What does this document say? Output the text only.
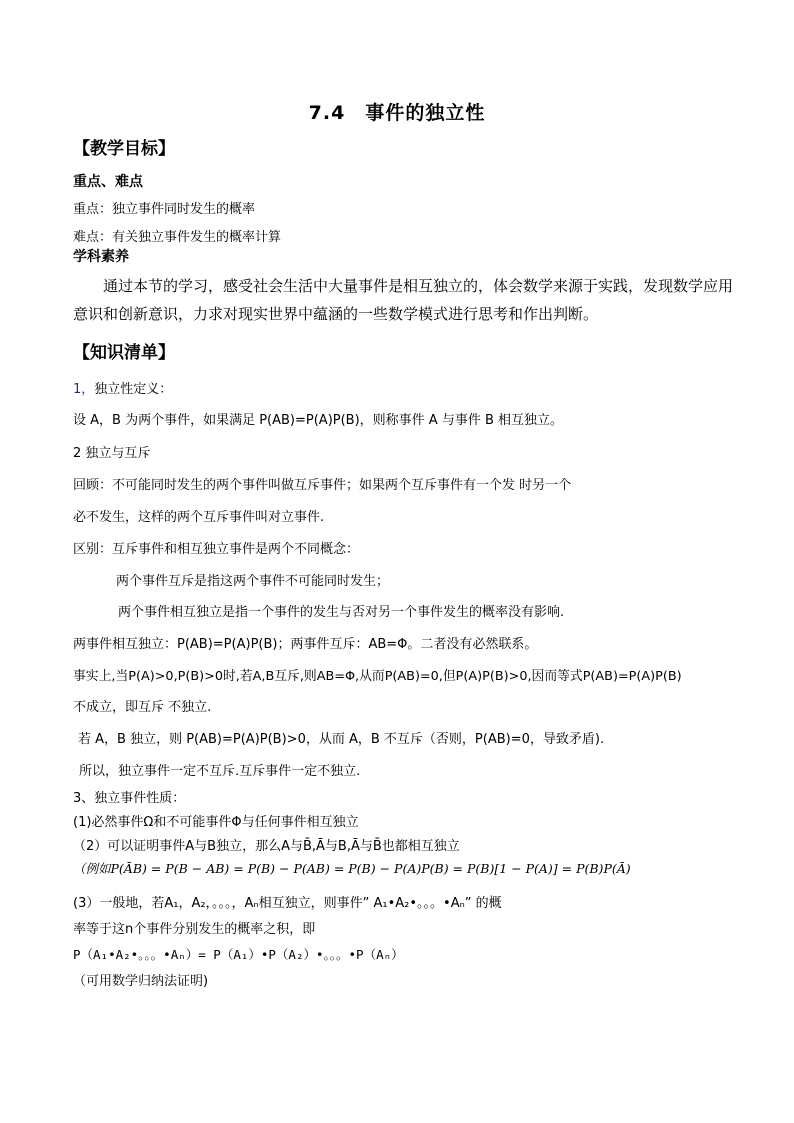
7.4　事件的独立性
【教学目标】
重点、难点
重点：独立事件同时发生的概率
难点：有关独立事件发生的概率计算
学科素养
通过本节的学习，感受社会生活中大量事件是相互独立的，体会数学来源于实践，发现数学应用意识和创新意识，力求对现实世界中蕴涵的一些数学模式进行思考和作出判断。
【知识清单】
1，独立性定义：
设 A，B 为两个事件，如果满足 P(AB)=P(A)P(B)，则称事件 A 与事件 B 相互独立。
2 独立与互斥
回顾：不可能同时发生的两个事件叫做互斥事件；如果两个互斥事件有一个发 时另一个
必不发生，这样的两个互斥事件叫对立事件.
区别：互斥事件和相互独立事件是两个不同概念：
两个事件互斥是指这两个事件不可能同时发生；
两个事件相互独立是指一个事件的发生与否对另一个事件发生的概率没有影响.
两事件相互独立：P(AB)=P(A)P(B)；两事件互斥：AB=Φ。二者没有必然联系。
事实上,当P(A)>0,P(B)>0时,若A,B互斥,则AB=Φ,从而P(AB)=0,但P(A)P(B)>0,因而等式P(AB)=P(A)P(B)
不成立，即互斥 不独立.
若 A，B 独立，则 P(AB)=P(A)P(B)>0，从而 A，B 不互斥（否则，P(AB)=0，导致矛盾).
所以，独立事件一定不互斥.互斥事件一定不独立.
3、独立事件性质：
(1)必然事件Ω和不可能事件Φ与任何事件相互独立
（2）可以证明事件A与B独立，那么A与B̄,Ā与B,Ā与B̄也都相互独立
（例如P(ĀB) = P(B − AB) = P(B) − P(AB) = P(B) − P(A)P(B) = P(B)[1 − P(A)] = P(B)P(Ā)
(3）一般地，若A₁，A₂，。。。，Aₙ相互独立，则事件” A₁•A₂•。。。•Aₙ” 的概
率等于这n个事件分别发生的概率之积，即
P（A₁•A₂•。。。•Aₙ）= P（A₁）•P（A₂）•。。。•P（Aₙ）
（可用数学归纳法证明)
